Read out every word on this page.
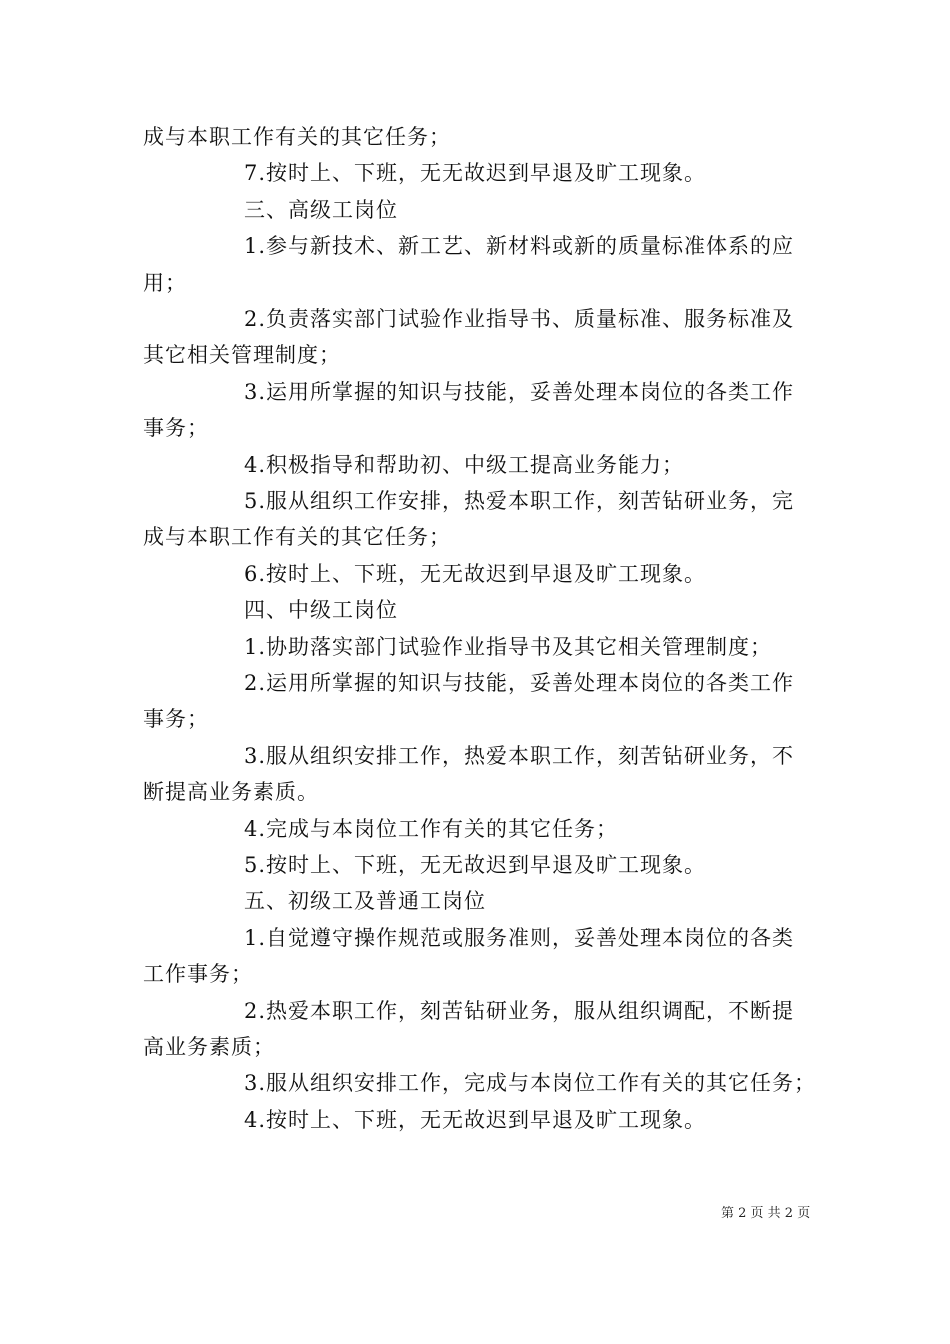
成与本职工作有关的其它任务；
7.按时上、下班，无无故迟到早退及旷工现象。
三、高级工岗位
1.参与新技术、新工艺、新材料或新的质量标准体系的应
用；
2.负责落实部门试验作业指导书、质量标准、服务标准及
其它相关管理制度；
3.运用所掌握的知识与技能，妥善处理本岗位的各类工作
事务；
4.积极指导和帮助初、中级工提高业务能力；
5.服从组织工作安排，热爱本职工作，刻苦钻研业务，完
成与本职工作有关的其它任务；
6.按时上、下班，无无故迟到早退及旷工现象。
四、中级工岗位
1.协助落实部门试验作业指导书及其它相关管理制度；
2.运用所掌握的知识与技能，妥善处理本岗位的各类工作
事务；
3.服从组织安排工作，热爱本职工作，刻苦钻研业务，不
断提高业务素质。
4.完成与本岗位工作有关的其它任务；
5.按时上、下班，无无故迟到早退及旷工现象。
五、初级工及普通工岗位
1.自觉遵守操作规范或服务准则，妥善处理本岗位的各类
工作事务；
2.热爱本职工作，刻苦钻研业务，服从组织调配，不断提
高业务素质；
3.服从组织安排工作，完成与本岗位工作有关的其它任务；
4.按时上、下班，无无故迟到早退及旷工现象。
第 2 页 共 2 页
